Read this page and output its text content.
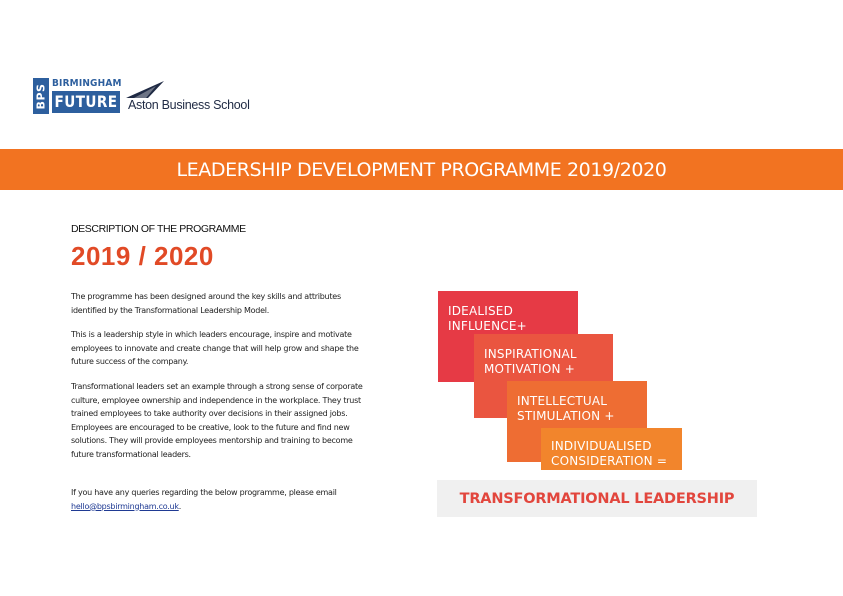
BPS BIRMINGHAM
FUTURE Aston Business School
LEADERSHIP DEVELOPMENT PROGRAMME 2019/2020
DESCRIPTION OF THE PROGRAMME
2019 / 2020

The programme has been designed around the key skills and attributes identified by the Transformational Leadership Model.

This is a leadership style in which leaders encourage, inspire and motivate employees to innovate and create change that will help grow and shape the future success of the company.

Transformational leaders set an example through a strong sense of corporate culture, employee ownership and independence in the workplace. They trust trained employees to take authority over decisions in their assigned jobs. Employees are encouraged to be creative, look to the future and find new solutions. They will provide employees mentorship and training to become future transformational leaders.

If you have any queries regarding the below programme, please email
hello@bpsbirmingham.co.uk.

IDEALISED
INFLUENCE+
INSPIRATIONAL
MOTIVATION +
INTELLECTUAL
STIMULATION +
INDIVIDUALISED
CONSIDERATION =
TRANSFORMATIONAL LEADERSHIP
